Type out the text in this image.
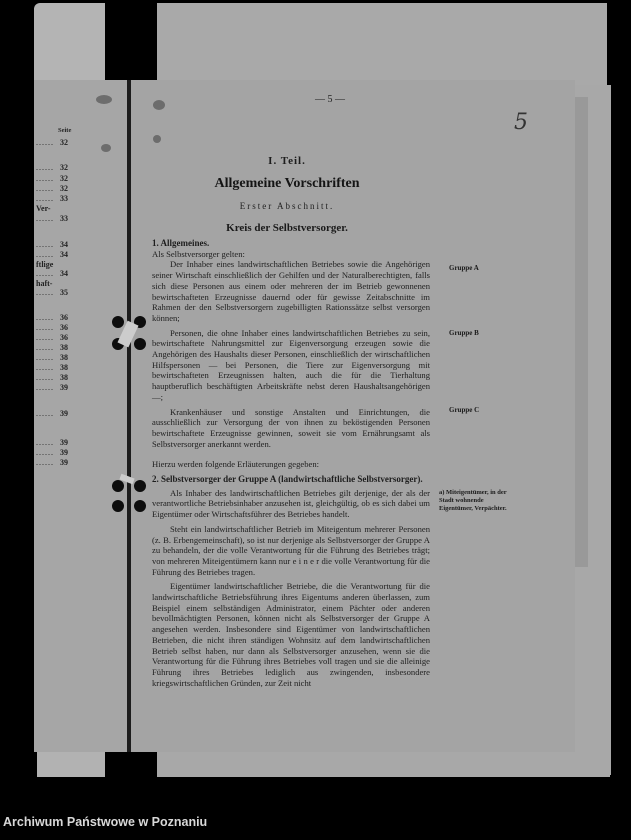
Seite
...... 32
...... 32
...... 32
...... 32
...... 33
Ver-
...... 33
...... 34
...... 34
ftlige
...... 34
haft-
...... 35
...... 36
...... 36
...... 36
...... 38
...... 38
...... 38
...... 38
...... 39
...... 39
...... 39
...... 39
...... 39
— 5 —
5
I. Teil.
Allgemeine Vorschriften
Erster Abschnitt.
Kreis der Selbstversorger.
1. Allgemeines.
Als Selbstversorger gelten:

Der Inhaber eines landwirtschaftlichen Betriebes sowie die Angehörigen seiner Wirtschaft einschließlich der Gehilfen und der Naturalberechtigten, falls sich diese Personen aus einem oder mehreren der im Betrieb gewonnenen bewirtschafteten Erzeugnisse dauernd oder für gewisse Zeitabschnitte im Rahmen der den Selbstversorgern zugebilligten Rationssätze selbst versorgen können;

Personen, die ohne Inhaber eines landwirtschaftlichen Betriebes zu sein, bewirtschaftete Nahrungsmittel zur Eigenversorgung erzeugen sowie die Angehörigen des Haushalts dieser Personen, einschließlich der wirtschaftlichen Hilfspersonen — bei Personen, die Tiere zur Eigenversorgung mit bewirtschafteten Erzeugnissen halten, auch die für die Tierhaltung hauptberuflich beschäftigten Arbeitskräfte nebst deren Haushaltsangehörigen —;

Krankenhäuser und sonstige Anstalten und Einrichtungen, die ausschließlich zur Versorgung der von ihnen zu beköstigenden Personen bewirtschaftete Erzeugnisse gewinnen, soweit sie vom Ernährungsamt als Selbstversorger anerkannt werden.

Hierzu werden folgende Erläuterungen gegeben:
2. Selbstversorger der Gruppe A (landwirtschaftliche Selbstversorger).

Als Inhaber des landwirtschaftlichen Betriebes gilt derjenige, der als der verantwortliche Betriebsinhaber anzusehen ist, gleichgültig, ob es sich dabei um Eigentümer oder Wirtschaftsführer des Betriebes handelt.

Steht ein landwirtschaftlicher Betrieb im Miteigentum mehrerer Personen (z. B. Erbengemeinschaft), so ist nur derjenige als Selbstversorger der Gruppe A zu behandeln, der die volle Verantwortung für die Führung des Betriebes trägt; von mehreren Miteigentümern kann nur e i n e r die volle Verantwortung für die Führung des Betriebes tragen.

Eigentümer landwirtschaftlicher Betriebe, die die Verantwortung für die landwirtschaftliche Betriebsführung ihres Eigentums anderen überlassen, zum Beispiel einem selbständigen Administrator, einem Pächter oder anderen bevollmächtigten Personen, können nicht als Selbstversorger der Gruppe A angesehen werden. Insbesondere sind Eigentümer von landwirtschaftlichen Betrieben, die nicht ihren ständigen Wohnsitz auf dem landwirtschaftlichen Betrieb selbst haben, nur dann als Selbstversorger anzusehen, wenn sie die Verantwortung für die Führung ihres Betriebes voll tragen und sie die alleinige Führung ihres Betriebes lediglich aus zwingenden, insbesondere kriegswirtschaftlichen Gründen, zur Zeit nicht

Gruppe A
Gruppe B
Gruppe C
a) Miteigentümer, in der Stadt wohnende Eigentümer, Verpächter.
Archiwum Państwowe w Poznaniu
